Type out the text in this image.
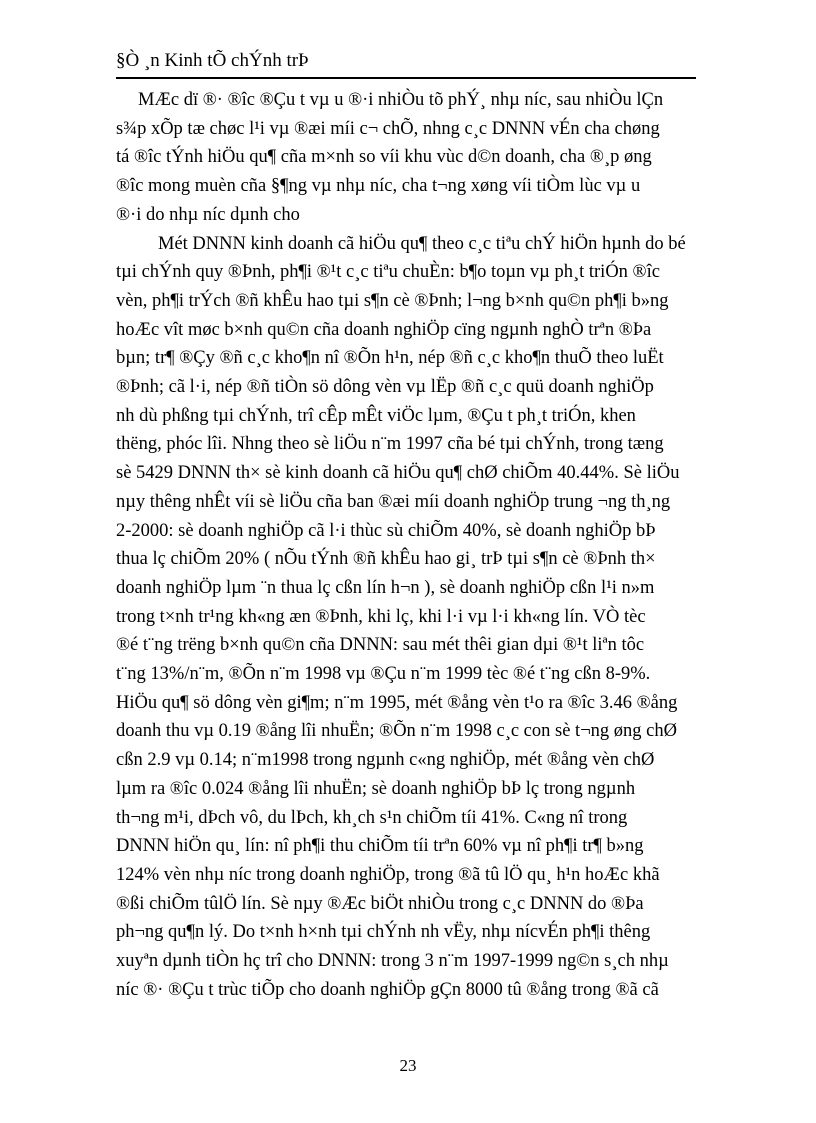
§Ò ¸n Kinh tÕ chÝnh trÞ
MÆc dï ®· ®îc ®Çu t vµ u ®·i nhiÒu tõ phÝ¸ nhµ níc, sau nhiÒu lÇn
s¾p xÕp tæ chøc l¹i vµ ®æi míi c¬ chÕ, nhng c¸c DNNN vÉn cha chøng
tá ®îc tÝnh hiÖu qu¶ cña m×nh so víi khu vùc d©n doanh, cha ®¸p øng
®îc mong muèn cña §¶ng vµ nhµ níc, cha t¬ng xøng víi tiÒm lùc vµ u
®·i do nhµ níc dµnh cho
Mét DNNN kinh doanh cã hiÖu qu¶ theo c¸c tiªu chÝ hiÖn hµnh do bé
tµi chÝnh quy ®Þnh, ph¶i ®¹t c¸c tiªu chuÈn: b¶o toµn vµ ph¸t triÓn ®îc
vèn, ph¶i trÝch ®ñ khÊu hao tµi s¶n cè ®Þnh; l¬ng b×nh qu©n ph¶i b»ng
hoÆc vît møc b×nh qu©n cña doanh nghiÖp cïng ngµnh nghÒ trªn ®Þa
bµn; tr¶ ®Çy ®ñ c¸c kho¶n nî ®Õn h¹n, nép ®ñ c¸c kho¶n thuÕ theo luËt
®Þnh; cã l·i, nép ®ñ tiÒn sö dông vèn vµ lËp ®ñ c¸c quü doanh nghiÖp
nh dù phßng tµi chÝnh, trî cÊp mÊt viÖc lµm, ®Çu t ph¸t triÓn, khen
thëng, phóc lîi. Nhng theo sè liÖu n¨m 1997 cña bé tµi chÝnh, trong tæng
sè 5429 DNNN th× sè kinh doanh cã hiÖu qu¶ chØ chiÕm 40.44%. Sè liÖu
nµy thêng nhÊt víi sè liÖu cña ban ®æi míi doanh nghiÖp trung ¬ng th¸ng
2-2000: sè doanh nghiÖp cã l·i thùc sù chiÕm 40%, sè doanh nghiÖp bÞ
thua lç chiÕm 20% ( nÕu tÝnh ®ñ khÊu hao gi¸ trÞ tµi s¶n cè ®Þnh th×
doanh nghiÖp lµm ¨n thua lç cßn lín h¬n ), sè doanh nghiÖp cßn l¹i n»m
trong t×nh tr¹ng kh«ng æn ®Þnh, khi lç, khi l·i vµ l·i kh«ng lín. VÒ tèc
®é t¨ng trëng b×nh qu©n cña DNNN: sau mét thêi gian dµi ®¹t liªn tôc
t¨ng 13%/n¨m, ®Õn n¨m 1998 vµ ®Çu n¨m 1999 tèc ®é t¨ng cßn 8-9%.
HiÖu qu¶ sö dông vèn gi¶m; n¨m 1995, mét ®ång vèn t¹o ra ®îc 3.46 ®ång
doanh thu vµ 0.19 ®ång lîi nhuËn; ®Õn n¨m 1998 c¸c con sè t¬ng øng chØ
cßn 2.9 vµ 0.14; n¨m1998 trong ngµnh c«ng nghiÖp, mét ®ång vèn chØ
lµm ra ®îc 0.024 ®ång lîi nhuËn; sè doanh nghiÖp bÞ lç trong ngµnh
th¬ng m¹i, dÞch vô, du lÞch, kh¸ch s¹n chiÕm tíi 41%. C«ng nî trong
DNNN hiÖn qu¸ lín: nî ph¶i thu chiÕm tíi trªn 60% vµ nî ph¶i tr¶ b»ng
124% vèn nhµ níc trong doanh nghiÖp, trong ®ã tû lÖ qu¸ h¹n hoÆc khã
®ßi chiÕm tûlÖ lín. Sè nµy ®Æc biÖt nhiÒu trong c¸c DNNN do ®Þa
ph¬ng qu¶n lý. Do t×nh h×nh tµi chÝnh nh vËy, nhµ nícvÉn ph¶i thêng
xuyªn dµnh tiÒn hç trî cho DNNN: trong 3 n¨m 1997-1999 ng©n s¸ch nhµ
níc ®· ®Çu t trùc tiÕp cho doanh nghiÖp gÇn 8000 tû ®ång trong ®ã cã
23
